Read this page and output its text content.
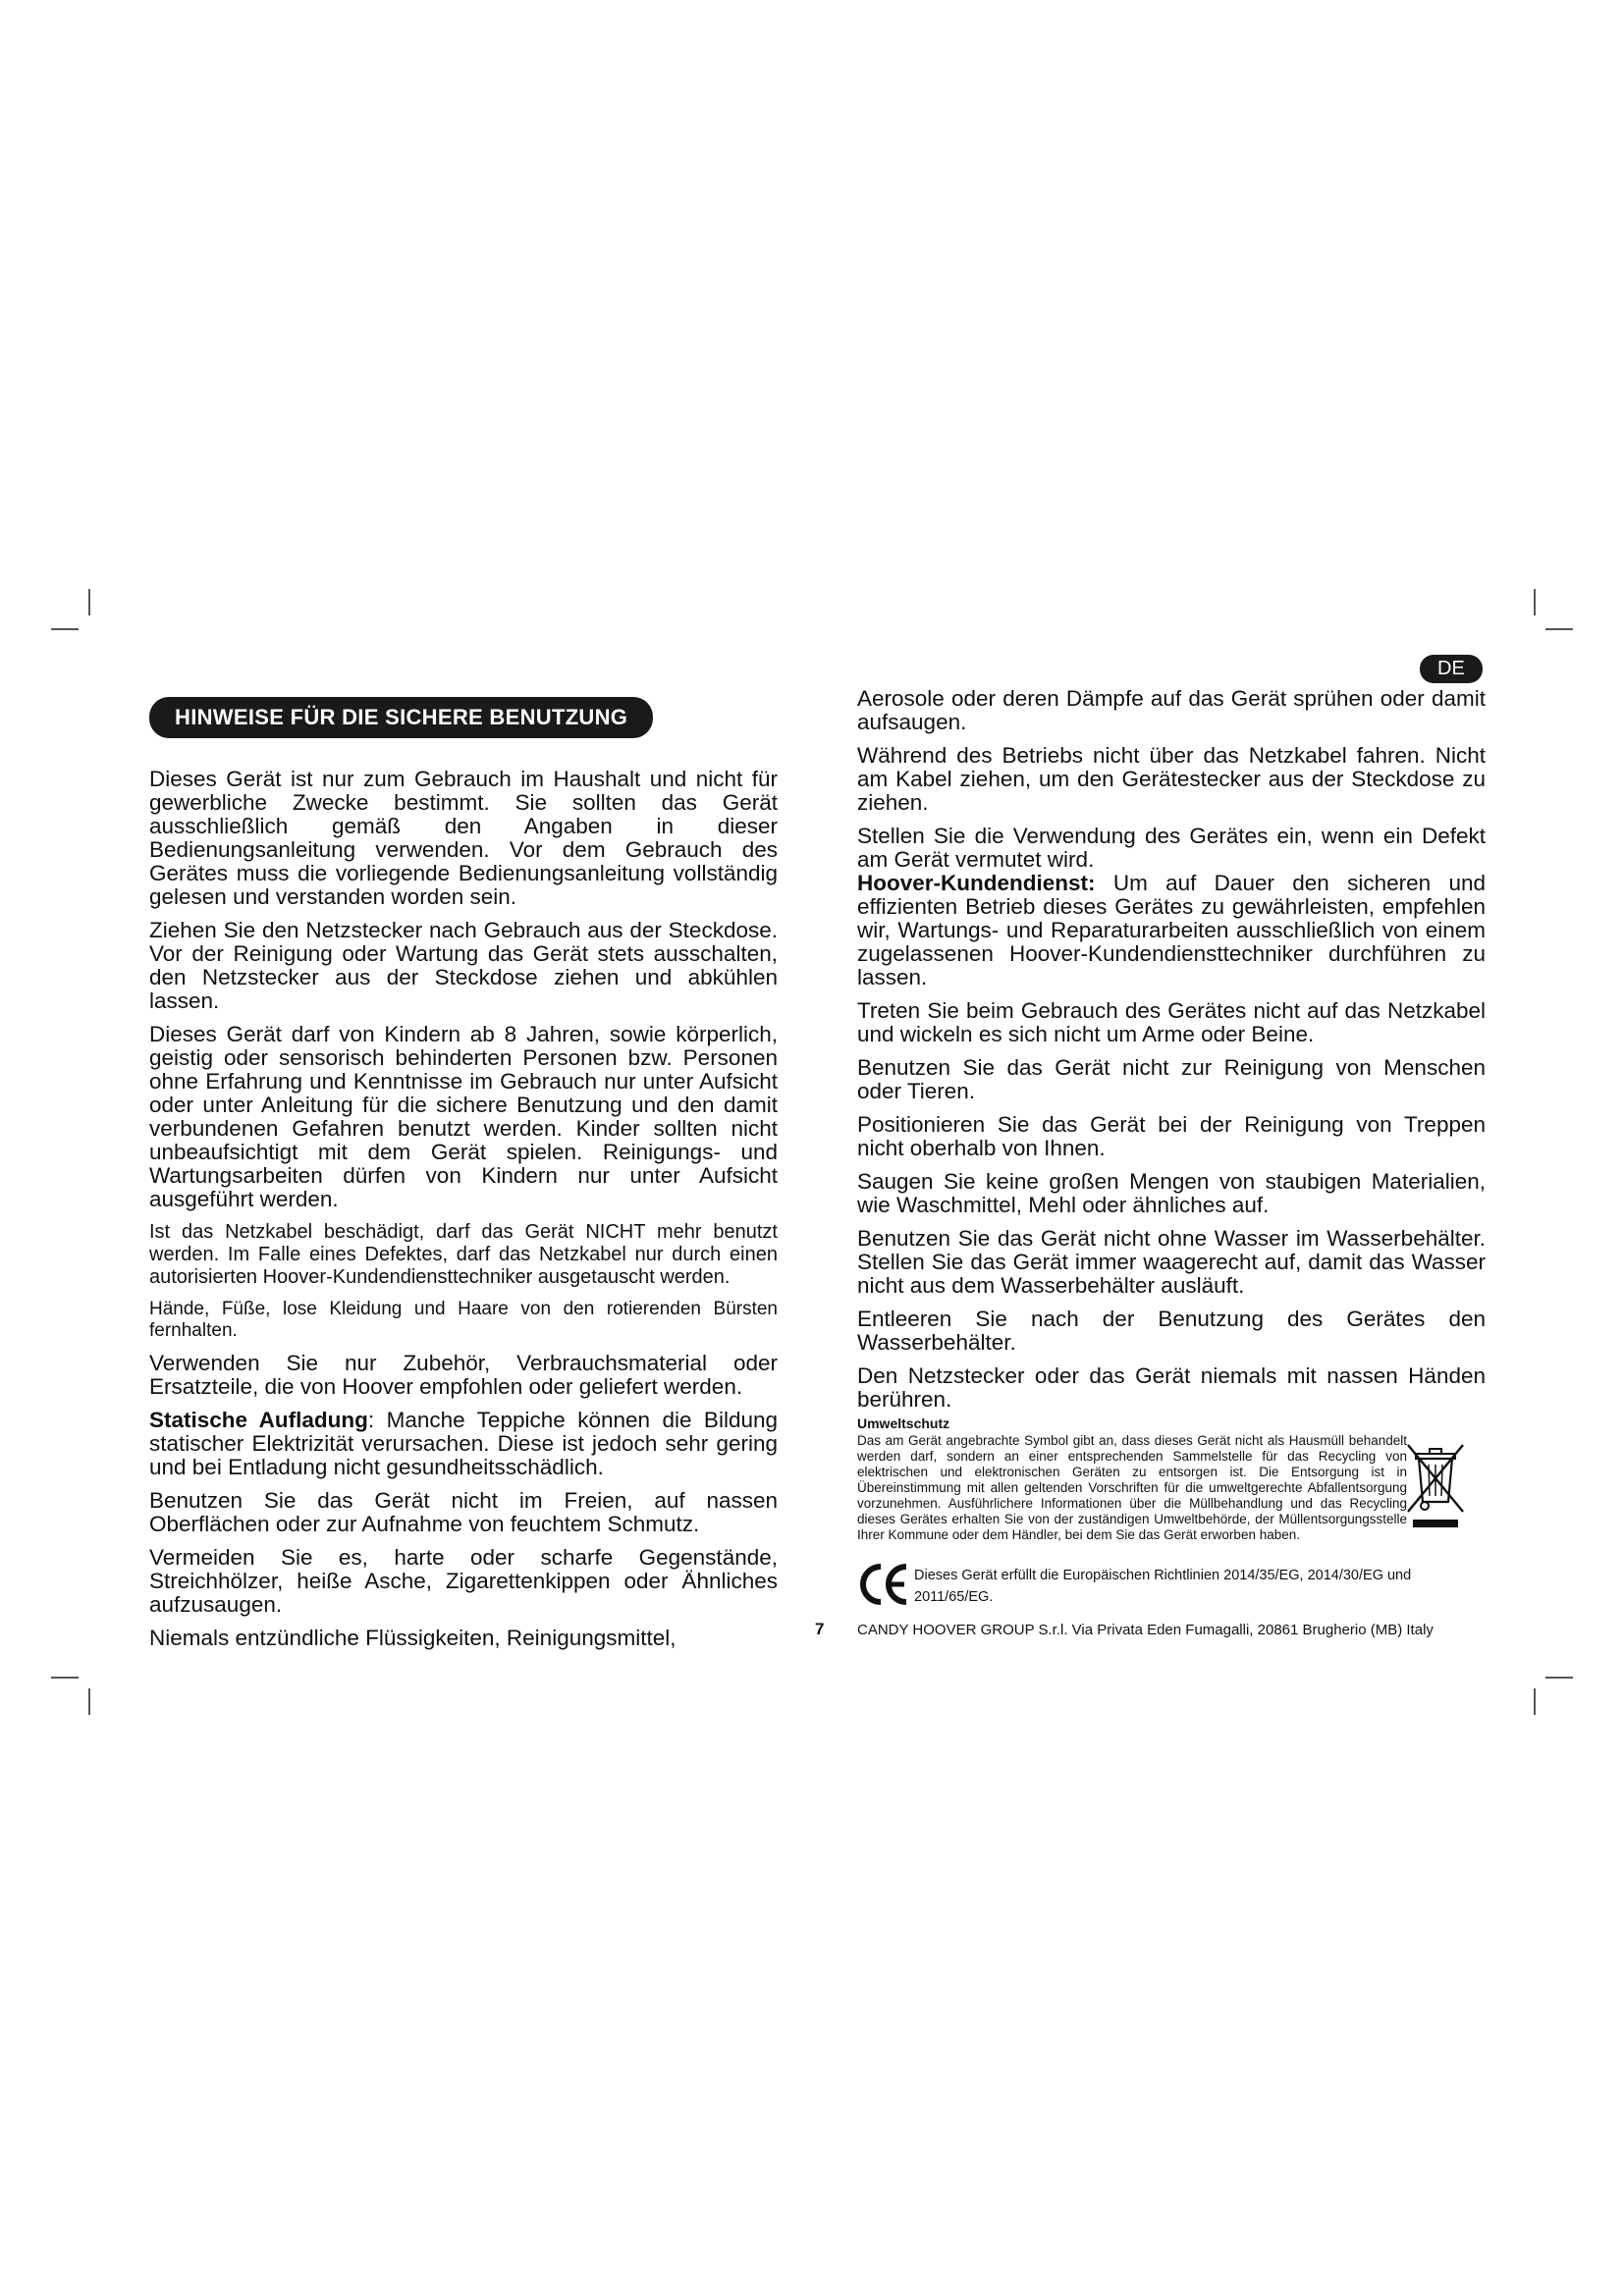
DE
HINWEISE FÜR DIE SICHERE BENUTZUNG

Dieses Gerät ist nur zum Gebrauch im Haushalt und nicht für gewerbliche Zwecke bestimmt. Sie sollten das Gerät ausschließlich gemäß den Angaben in dieser Bedienungsanleitung verwenden. Vor dem Gebrauch des Gerätes muss die vorliegende Bedienungsanleitung vollständig gelesen und verstanden worden sein.

Ziehen Sie den Netzstecker nach Gebrauch aus der Steckdose. Vor der Reinigung oder Wartung das Gerät stets ausschalten, den Netzstecker aus der Steckdose ziehen und abkühlen lassen.

Dieses Gerät darf von Kindern ab 8 Jahren, sowie körperlich, geistig oder sensorisch behinderten Personen bzw. Personen ohne Erfahrung und Kenntnisse im Gebrauch nur unter Aufsicht oder unter Anleitung für die sichere Benutzung und den damit verbundenen Gefahren benutzt werden. Kinder sollten nicht unbeaufsichtigt mit dem Gerät spielen. Reinigungs- und Wartungsarbeiten dürfen von Kindern nur unter Aufsicht ausgeführt werden.

Ist das Netzkabel beschädigt, darf das Gerät NICHT mehr benutzt werden. Im Falle eines Defektes, darf das Netzkabel nur durch einen autorisierten Hoover-Kundendiensttechniker ausgetauscht werden.

Hände, Füße, lose Kleidung und Haare von den rotierenden Bürsten fernhalten.

Verwenden Sie nur Zubehör, Verbrauchsmaterial oder Ersatzteile, die von Hoover empfohlen oder geliefert werden.

Statische Aufladung: Manche Teppiche können die Bildung statischer Elektrizität verursachen. Diese ist jedoch sehr gering und bei Entladung nicht gesundheitsschädlich.

Benutzen Sie das Gerät nicht im Freien, auf nassen Oberflächen oder zur Aufnahme von feuchtem Schmutz.

Vermeiden Sie es, harte oder scharfe Gegenstände, Streichhölzer, heiße Asche, Zigarettenkippen oder Ähnliches aufzusaugen.

Niemals entzündliche Flüssigkeiten, Reinigungsmittel,	7

Aerosole oder deren Dämpfe auf das Gerät sprühen oder damit aufsaugen.

Während des Betriebs nicht über das Netzkabel fahren. Nicht am Kabel ziehen, um den Gerätestecker aus der Steckdose zu ziehen.

Stellen Sie die Verwendung des Gerätes ein, wenn ein Defekt am Gerät vermutet wird.

Hoover-Kundendienst: Um auf Dauer den sicheren und effizienten Betrieb dieses Gerätes zu gewährleisten, empfehlen wir, Wartungs- und Reparaturarbeiten ausschließlich von einem zugelassenen Hoover-Kundendiensttechniker durchführen zu lassen.

Treten Sie beim Gebrauch des Gerätes nicht auf das Netzkabel und wickeln es sich nicht um Arme oder Beine.

Benutzen Sie das Gerät nicht zur Reinigung von Menschen oder Tieren.

Positionieren Sie das Gerät bei der Reinigung von Treppen nicht oberhalb von Ihnen.

Saugen Sie keine großen Mengen von staubigen Materialien, wie Waschmittel, Mehl oder ähnliches auf.

Benutzen Sie das Gerät nicht ohne Wasser im Wasserbehälter. Stellen Sie das Gerät immer waagerecht auf, damit das Wasser nicht aus dem Wasserbehälter ausläuft.

Entleeren Sie nach der Benutzung des Gerätes den Wasserbehälter.

Den Netzstecker oder das Gerät niemals mit nassen Händen berühren.

Umweltschutz

Das am Gerät angebrachte Symbol gibt an, dass dieses Gerät nicht als Hausmüll behandelt werden darf, sondern an einer entsprechenden Sammelstelle für das Recycling von elektrischen und elektronischen Geräten zu entsorgen ist. Die Entsorgung ist in Übereinstimmung mit allen geltenden Vorschriften für die umweltgerechte Abfallentsorgung vorzunehmen. Ausführlichere Informationen über die Müllbehandlung und das Recycling dieses Gerätes erhalten Sie von der zuständigen Umweltbehörde, der Müllentsorgungsstelle Ihrer Kommune oder dem Händler, bei dem Sie das Gerät erworben haben.

Dieses Gerät erfüllt die Europäischen Richtlinien 2014/35/EG, 2014/30/EG und 2011/65/EG.

CANDY HOOVER GROUP S.r.l. Via Privata Eden Fumagalli, 20861 Brugherio (MB) Italy
